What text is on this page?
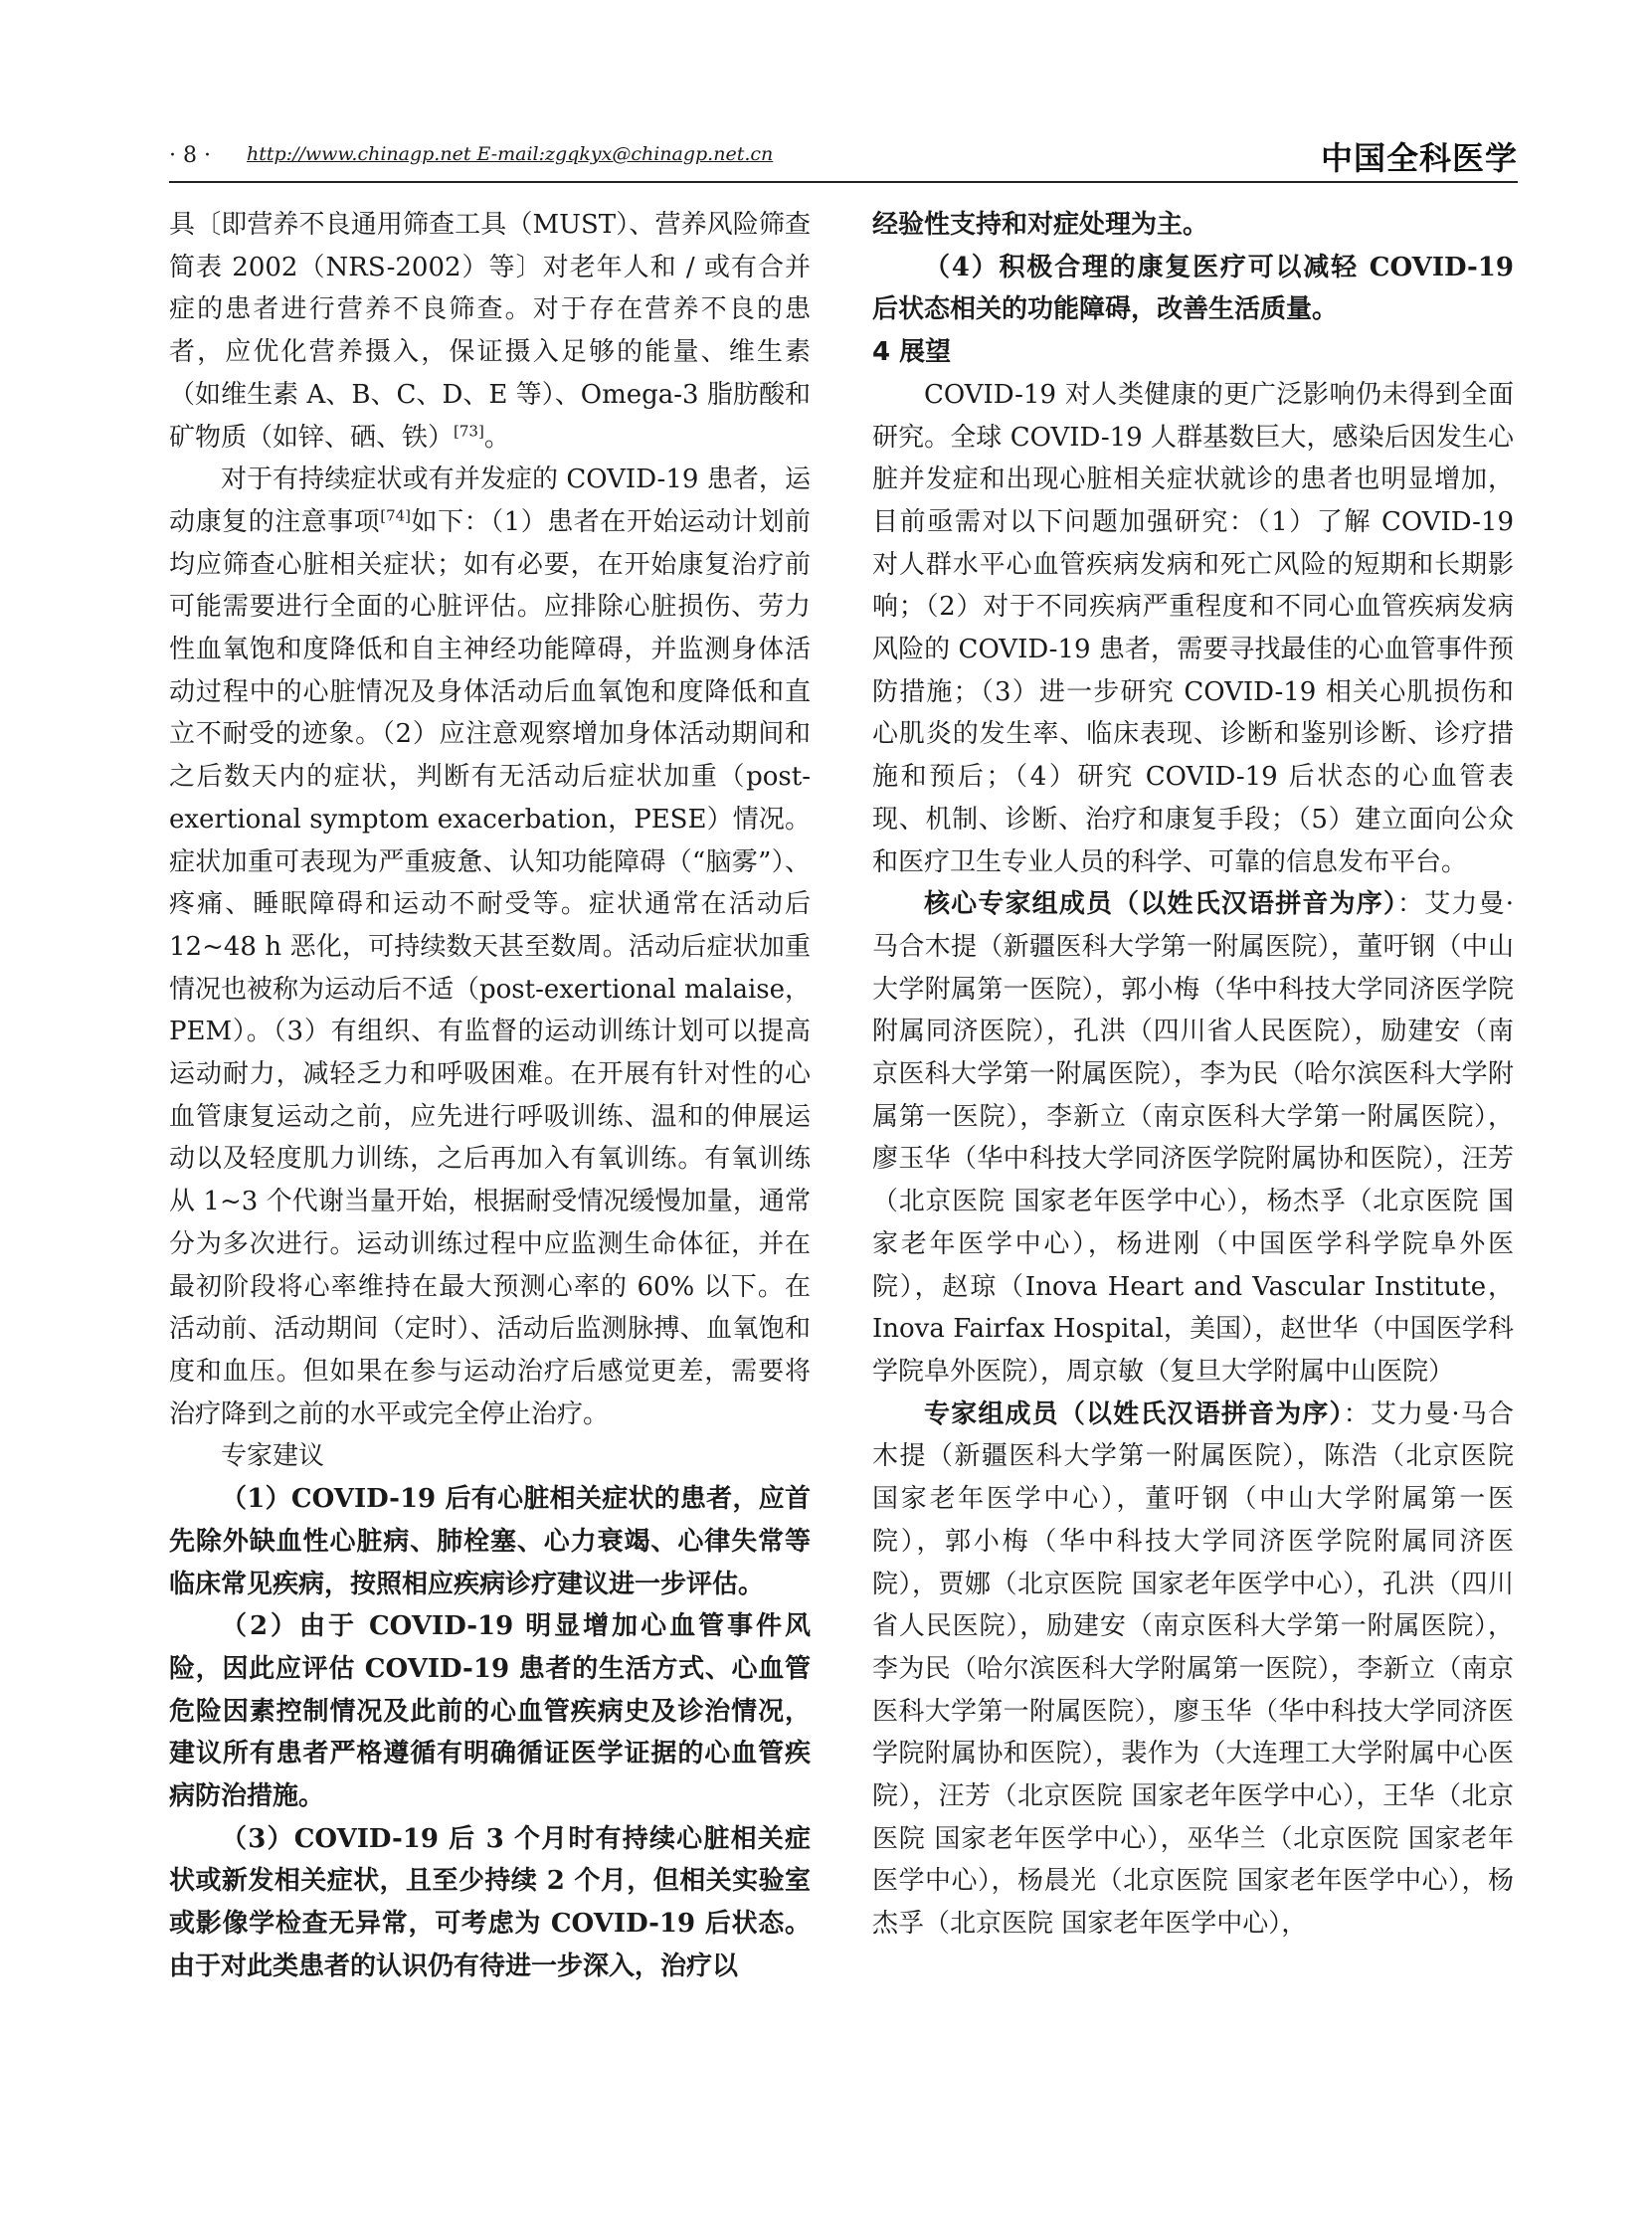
· 8 · http://www.chinagp.net E-mail:zgqkyx@chinagp.net.cn	中国全科医学

具〔即营养不良通用筛查工具（MUST）、营养风险筛查简表 2002（NRS-2002）等〕对老年人和 / 或有合并症的患者进行营养不良筛查。对于存在营养不良的患者，应优化营养摄入，保证摄入足够的能量、维生素（如维生素 A、B、C、D、E 等）、Omega-3 脂肪酸和矿物质（如锌、硒、铁）[73]。

对于有持续症状或有并发症的 COVID-19 患者，运动康复的注意事项[74]如下：（1）患者在开始运动计划前均应筛查心脏相关症状；如有必要，在开始康复治疗前可能需要进行全面的心脏评估。应排除心脏损伤、劳力性血氧饱和度降低和自主神经功能障碍，并监测身体活动过程中的心脏情况及身体活动后血氧饱和度降低和直立不耐受的迹象。（2）应注意观察增加身体活动期间和之后数天内的症状，判断有无活动后症状加重（post-exertional symptom exacerbation，PESE）情况。症状加重可表现为严重疲惫、认知功能障碍（“脑雾”）、疼痛、睡眠障碍和运动不耐受等。症状通常在活动后 12~48 h 恶化，可持续数天甚至数周。活动后症状加重情况也被称为运动后不适（post-exertional malaise，PEM）。（3）有组织、有监督的运动训练计划可以提高运动耐力，减轻乏力和呼吸困难。在开展有针对性的心血管康复运动之前，应先进行呼吸训练、温和的伸展运动以及轻度肌力训练，之后再加入有氧训练。有氧训练从 1~3 个代谢当量开始，根据耐受情况缓慢加量，通常分为多次进行。运动训练过程中应监测生命体征，并在最初阶段将心率维持在最大预测心率的 60% 以下。在活动前、活动期间（定时）、活动后监测脉搏、血氧饱和度和血压。但如果在参与运动治疗后感觉更差，需要将治疗降到之前的水平或完全停止治疗。

专家建议

（1）COVID-19 后有心脏相关症状的患者，应首先除外缺血性心脏病、肺栓塞、心力衰竭、心律失常等临床常见疾病，按照相应疾病诊疗建议进一步评估。

（2）由于 COVID-19 明显增加心血管事件风险，因此应评估 COVID-19 患者的生活方式、心血管危险因素控制情况及此前的心血管疾病史及诊治情况，建议所有患者严格遵循有明确循证医学证据的心血管疾病防治措施。

（3）COVID-19 后 3 个月时有持续心脏相关症状或新发相关症状，且至少持续 2 个月，但相关实验室或影像学检查无异常，可考虑为 COVID-19 后状态。由于对此类患者的认识仍有待进一步深入，治疗以

经验性支持和对症处理为主。

（4）积极合理的康复医疗可以减轻 COVID-19 后状态相关的功能障碍，改善生活质量。

4 展望

COVID-19 对人类健康的更广泛影响仍未得到全面研究。全球 COVID-19 人群基数巨大，感染后因发生心脏并发症和出现心脏相关症状就诊的患者也明显增加，目前亟需对以下问题加强研究：（1）了解 COVID-19 对人群水平心血管疾病发病和死亡风险的短期和长期影响；（2）对于不同疾病严重程度和不同心血管疾病发病风险的 COVID-19 患者，需要寻找最佳的心血管事件预防措施；（3）进一步研究 COVID-19 相关心肌损伤和心肌炎的发生率、临床表现、诊断和鉴别诊断、诊疗措施和预后；（4）研究 COVID-19 后状态的心血管表现、机制、诊断、治疗和康复手段；（5）建立面向公众和医疗卫生专业人员的科学、可靠的信息发布平台。

核心专家组成员（以姓氏汉语拼音为序）：艾力曼·马合木提（新疆医科大学第一附属医院），董吁钢（中山大学附属第一医院），郭小梅（华中科技大学同济医学院附属同济医院），孔洪（四川省人民医院），励建安（南京医科大学第一附属医院），李为民（哈尔滨医科大学附属第一医院），李新立（南京医科大学第一附属医院），廖玉华（华中科技大学同济医学院附属协和医院），汪芳（北京医院 国家老年医学中心），杨杰孚（北京医院 国家老年医学中心），杨进刚（中国医学科学院阜外医院），赵琼（Inova Heart and Vascular Institute，Inova Fairfax Hospital，美国），赵世华（中国医学科学院阜外医院），周京敏（复旦大学附属中山医院）

专家组成员（以姓氏汉语拼音为序）：艾力曼·马合木提（新疆医科大学第一附属医院），陈浩（北京医院 国家老年医学中心），董吁钢（中山大学附属第一医院），郭小梅（华中科技大学同济医学院附属同济医院），贾娜（北京医院 国家老年医学中心），孔洪（四川省人民医院），励建安（南京医科大学第一附属医院），李为民（哈尔滨医科大学附属第一医院），李新立（南京医科大学第一附属医院），廖玉华（华中科技大学同济医学院附属协和医院），裴作为（大连理工大学附属中心医院），汪芳（北京医院 国家老年医学中心），王华（北京医院 国家老年医学中心），巫华兰（北京医院 国家老年医学中心），杨晨光（北京医院 国家老年医学中心），杨杰孚（北京医院 国家老年医学中心），
